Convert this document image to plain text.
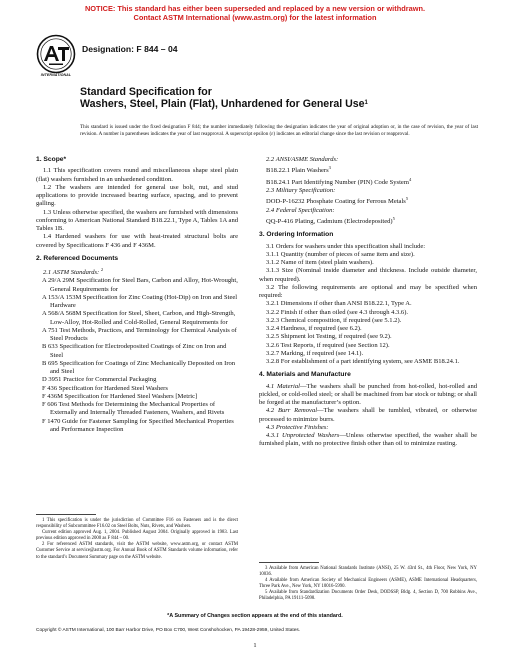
NOTICE: This standard has either been superseded and replaced by a new version or withdrawn.
Contact ASTM International (www.astm.org) for the latest information
INTERNATIONAL
Designation: F 844 – 04
Standard Specification for
Washers, Steel, Plain (Flat), Unhardened for General Use$^1$
This standard is issued under the fixed designation F 844; the number immediately following the designation indicates the year of original adoption or, in the case of revision, the year of last revision. A number in parentheses indicates the year of last reapproval. A superscript epsilon (ε) indicates an editorial change since the last revision or reapproval.
1. Scope*
1.1 This specification covers round and miscellaneous shape steel plain (flat) washers furnished in an unhardened condition.
1.2 The washers are intended for general use bolt, nut, and stud applications to provide increased bearing surface, spacing, and to prevent galling.
1.3 Unless otherwise specified, the washers are furnished with dimensions conforming to American National Standard B18.22.1, Type A, Tables 1A and Tables 1B.
1.4 Hardened washers for use with heat-treated structural bolts are covered by Specifications F 436 and F 436M.
2. Referenced Documents
2.1 ASTM Standards: $^2$
A 29/A 29M Specification for Steel Bars, Carbon and Alloy, Hot-Wrought, General Requirements for
A 153/A 153M Specification for Zinc Coating (Hot-Dip) on Iron and Steel Hardware
A 568/A 568M Specification for Steel, Sheet, Carbon, and High-Strength, Low-Alloy, Hot-Rolled and Cold-Rolled, General Requirements for
A 751 Test Methods, Practices, and Terminology for Chemical Analysis of Steel Products
B 633 Specification for Electrodeposited Coatings of Zinc on Iron and Steel
B 695 Specification for Coatings of Zinc Mechanically Deposited on Iron and Steel
D 3951 Practice for Commercial Packaging
F 436 Specification for Hardened Steel Washers
F 436M Specification for Hardened Steel Washers [Metric]
F 606 Test Methods for Determining the Mechanical Properties of Externally and Internally Threaded Fasteners, Washers, and Rivets
F 1470 Guide for Fastener Sampling for Specified Mechanical Properties and Performance Inspection

1 This specification is under the jurisdiction of Committee F16 on Fasteners and is the direct responsibility of Subcommittee F16.02 on Steel Bolts, Nuts, Rivets, and Washers.

Current edition approved Aug. 1, 2004. Published August 2004. Originally approved in 1983. Last previous edition approved in 2000 as F 844 – 00.

2 For referenced ASTM standards, visit the ASTM website, www.astm.org, or contact ASTM Customer Service at service@astm.org. For Annual Book of ASTM Standards volume information, refer to the standard’s Document Summary page on the ASTM website.

2.2 ANSI/ASME Standards:
B18.22.1 Plain Washers$^3$
B18.24.1 Part Identifying Number (PIN) Code System$^4$
2.3 Military Specification:
DOD-P-16232 Phosphate Coating for Ferrous Metals$^5$
2.4 Federal Specification:
QQ-P-416 Plating, Cadmium (Electrodeposited)$^5$
3. Ordering Information
3.1 Orders for washers under this specification shall include:
3.1.1 Quantity (number of pieces of same item and size).
3.1.2 Name of item (steel plain washers).
3.1.3 Size (Nominal inside diameter and thickness. Include outside diameter, when required).
3.2 The following requirements are optional and may be specified when required:
3.2.1 Dimensions if other than ANSI B18.22.1, Type A.
3.2.2 Finish if other than oiled (see 4.3 through 4.3.6).
3.2.3 Chemical composition, if required (see 5.1.2).
3.2.4 Hardness, if required (see 6.2).
3.2.5 Shipment lot Testing, if required (see 9.2).
3.2.6 Test Reports, if required (see Section 12).
3.2.7 Marking, if required (see 14.1).
3.2.8 For establishment of a part identifying system, see ASME B18.24.1.
4. Materials and Manufacture
4.1 Material—The washers shall be punched from hot-rolled, hot-rolled and pickled, or cold-rolled steel; or shall be machined from bar stock or tubing; or shall be forged at the manufacturer’s option.
4.2 Burr Removal—The washers shall be tumbled, vibrated, or otherwise processed to minimize burrs.
4.3 Protective Finishes:
4.3.1 Unprotected Washers—Unless otherwise specified, the washer shall be furnished plain, with no protective finish other than oil to minimize rusting.

3 Available from American National Standards Institute (ANSI), 25 W. 43rd St., 4th Floor, New York, NY 10036.

4 Available from American Society of Mechanical Engineers (ASME), ASME International Headquarters, Three Park Ave., New York, NY 10016-5990.

5 Available from Standardization Documents Order Desk, DODSSP, Bldg. 4, Section D, 700 Robbins Ave., Philadelphia, PA 19111-5098.

*A Summary of Changes section appears at the end of this standard.
Copyright © ASTM International, 100 Barr Harbor Drive, PO Box C700, West Conshohocken, PA 19428-2959, United States.
1
